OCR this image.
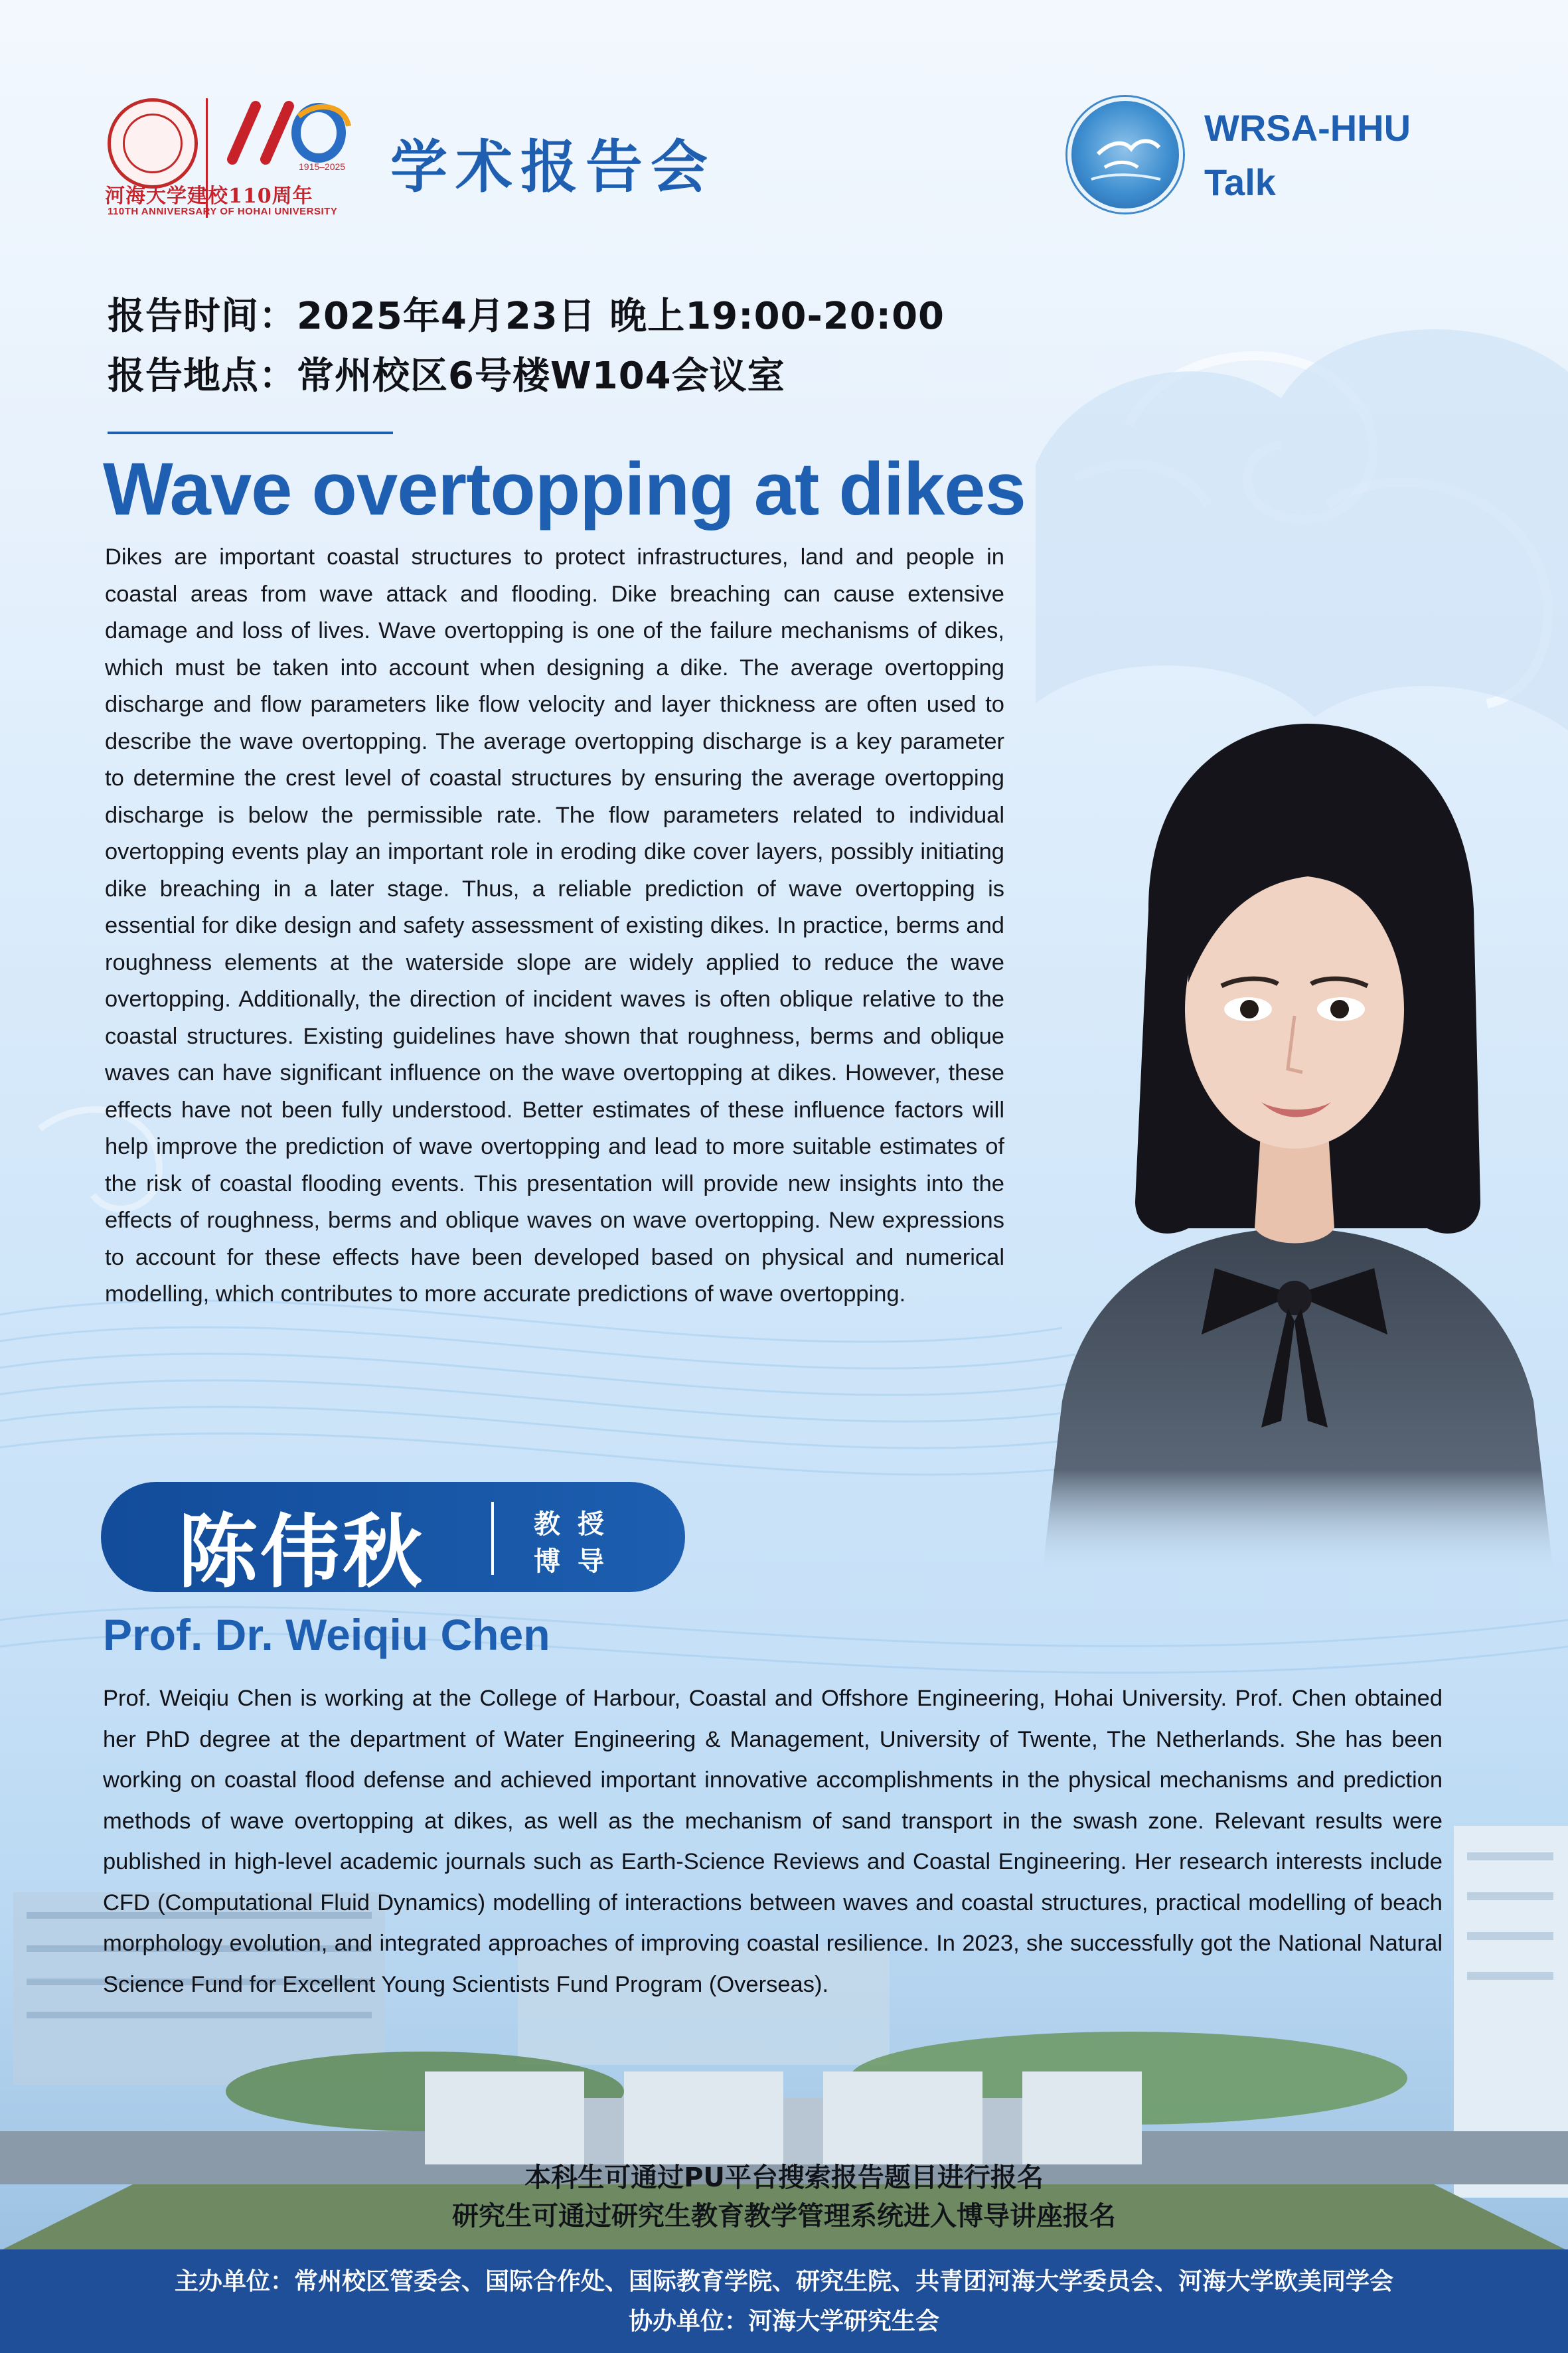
1915–2025
河海大学建校110周年
110TH ANNIVERSARY OF HOHAI UNIVERSITY
学术报告会
WRSA-HHU
Talk
报告时间：2025年4月23日 晚上19:00-20:00
报告地点：常州校区6号楼W104会议室
Wave overtopping at dikes
Dikes are important coastal structures to protect infrastructures, land and people in coastal areas from wave attack and flooding. Dike breaching can cause extensive damage and loss of lives. Wave overtopping is one of the failure mechanisms of dikes, which must be taken into account when designing a dike. The average overtopping discharge and flow parameters like flow velocity and layer thickness are often used to describe the wave overtopping. The average overtopping discharge is a key parameter to determine the crest level of coastal structures by ensuring the average overtopping discharge is below the permissible rate. The flow parameters related to individual overtopping events play an important role in eroding dike cover layers, possibly initiating dike breaching in a later stage. Thus, a reliable prediction of wave overtopping is essential for dike design and safety assessment of existing dikes. In practice, berms and roughness elements at the waterside slope are widely applied to reduce the wave overtopping. Additionally, the direction of incident waves is often oblique relative to the coastal structures. Existing guidelines have shown that roughness, berms and oblique waves can have significant influence on the wave overtopping at dikes. However, these effects have not been fully understood. Better estimates of these influence factors will help improve the prediction of wave overtopping and lead to more suitable estimates of the risk of coastal flooding events. This presentation will provide new insights into the effects of roughness, berms and oblique waves on wave overtopping. New expressions to account for these effects have been developed based on physical and numerical modelling, which contributes to more accurate predictions of wave overtopping.
陈伟秋	教授
博导
Prof. Dr. Weiqiu Chen
Prof. Weiqiu Chen is working at the College of Harbour, Coastal and Offshore Engineering, Hohai University. Prof. Chen obtained her PhD degree at the department of Water Engineering & Management, University of Twente, The Netherlands. She has been working on coastal flood defense and achieved important innovative accomplishments in the physical mechanisms and prediction methods of wave overtopping at dikes, as well as the mechanism of sand transport in the swash zone. Relevant results were published in high-level academic journals such as Earth-Science Reviews and Coastal Engineering. Her research interests include CFD (Computational Fluid Dynamics) modelling of interactions between waves and coastal structures, practical modelling of beach morphology evolution, and integrated approaches of improving coastal resilience. In 2023, she successfully got the National Natural Science Fund for Excellent Young Scientists Fund Program (Overseas).
本科生可通过PU平台搜索报告题目进行报名
研究生可通过研究生教育教学管理系统进入博导讲座报名
主办单位：常州校区管委会、国际合作处、国际教育学院、研究生院、共青团河海大学委员会、河海大学欧美同学会
协办单位：河海大学研究生会
